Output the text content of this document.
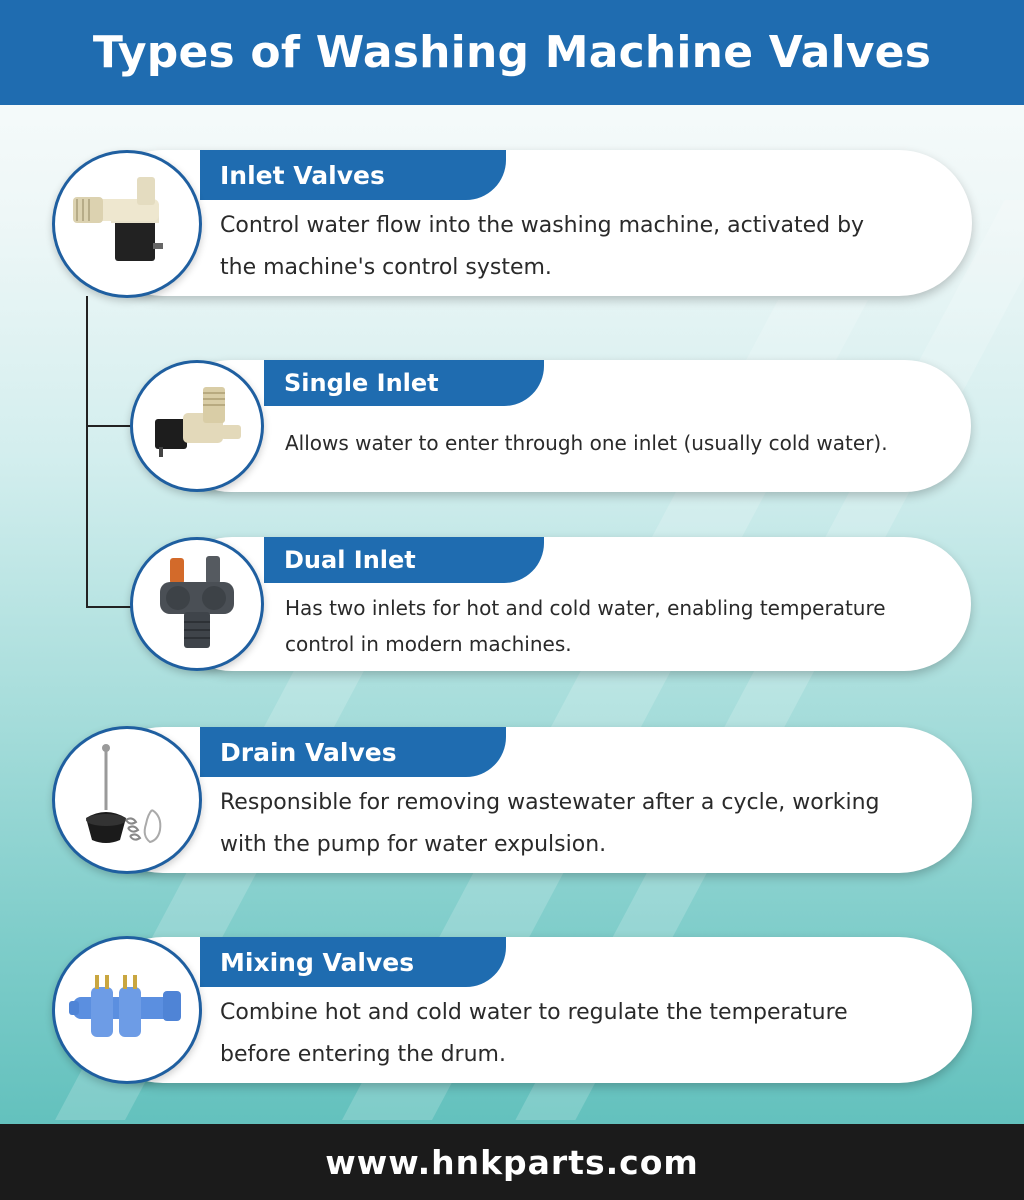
Types of Washing Machine Valves
Inlet Valves
Control water flow into the washing machine, activated by
the machine's control system.
Single Inlet
Allows water to enter through one inlet (usually cold water).
Dual Inlet
Has two inlets for hot and cold water, enabling temperature
control in modern machines.
Drain Valves
Responsible for removing wastewater after a cycle, working
with the pump for water expulsion.
Mixing Valves
Combine hot and cold water to regulate the temperature
before entering the drum.
www.hnkparts.com
